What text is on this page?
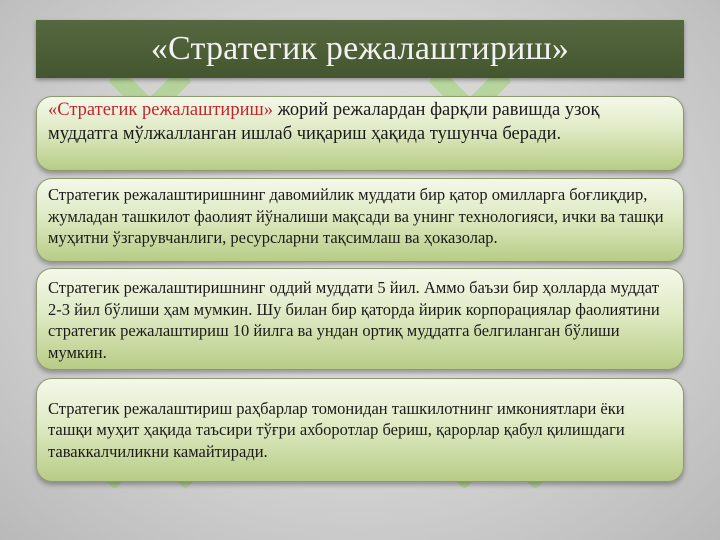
«Стратегик режалаштириш»

«Стратегик режалаштириш» жорий режалардан фарқли равишда узоқ муддатга мўлжалланган ишлаб чиқариш ҳақида тушунча беради.

Стратегик режалаштиришнинг давомийлик муддати бир қатор омилларга боғлиқдир, жумладан ташкилот фаолият йўналиши мақсади ва унинг технологияси, ички ва ташқи муҳитни ўзгарувчанлиги, ресурсларни тақсимлаш ва ҳоказолар.

Стратегик режалаштиришнинг оддий муддати 5 йил. Аммо баъзи бир ҳолларда муддат 2-3 йил бўлиши ҳам мумкин. Шу билан бир қаторда йирик корпорациялар фаолиятини стратегик режалаштириш 10 йилга ва ундан ортиқ муддатга белгиланган бўлиши мумкин.

Стратегик режалаштириш раҳбарлар томонидан ташкилотнинг имкониятлари ёки ташқи муҳит ҳақида таъсири тўғри ахборотлар бериш, қарорлар қабул қилишдаги таваккалчиликни камайтиради.
